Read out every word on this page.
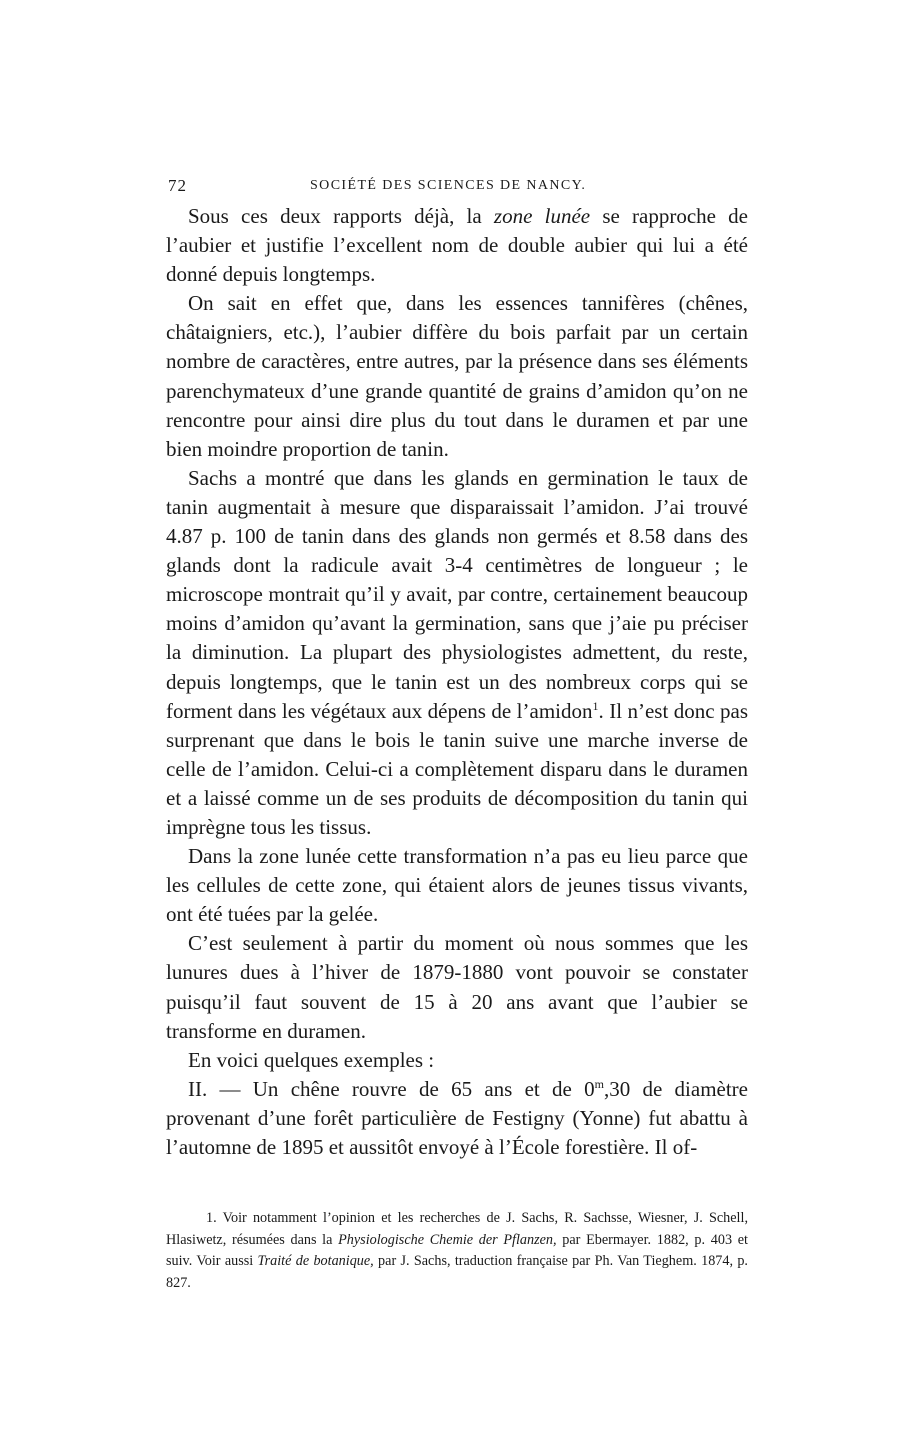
72	SOCIÉTÉ DES SCIENCES DE NANCY.

Sous ces deux rapports déjà, la zone lunée se rapproche de l’aubier et justifie l’excellent nom de double aubier qui lui a été donné depuis longtemps.

On sait en effet que, dans les essences tannifères (chênes, châtaigniers, etc.), l’aubier diffère du bois parfait par un certain nombre de caractères, entre autres, par la présence dans ses éléments parenchymateux d’une grande quantité de grains d’amidon qu’on ne rencontre pour ainsi dire plus du tout dans le duramen et par une bien moindre proportion de tanin.

Sachs a montré que dans les glands en germination le taux de tanin augmentait à mesure que disparaissait l’amidon. J’ai trouvé 4.87 p. 100 de tanin dans des glands non germés et 8.58 dans des glands dont la radicule avait 3-4 centimètres de longueur ; le microscope montrait qu’il y avait, par contre, certainement beaucoup moins d’amidon qu’avant la germination, sans que j’aie pu préciser la diminution. La plupart des physiologistes admettent, du reste, depuis longtemps, que le tanin est un des nombreux corps qui se forment dans les végétaux aux dépens de l’amidon$^1$. Il n’est donc pas surprenant que dans le bois le tanin suive une marche inverse de celle de l’amidon. Celui-ci a complètement disparu dans le duramen et a laissé comme un de ses produits de décomposition du tanin qui imprègne tous les tissus.

Dans la zone lunée cette transformation n’a pas eu lieu parce que les cellules de cette zone, qui étaient alors de jeunes tissus vivants, ont été tuées par la gelée.

C’est seulement à partir du moment où nous sommes que les lunures dues à l’hiver de 1879-1880 vont pouvoir se constater puisqu’il faut souvent de 15 à 20 ans avant que l’aubier se transforme en duramen.

En voici quelques exemples :

II. — Un chêne rouvre de 65 ans et de 0$^m$,30 de diamètre provenant d’une forêt particulière de Festigny (Yonne) fut abattu à l’automne de 1895 et aussitôt envoyé à l’École forestière. Il of-

1. Voir notamment l’opinion et les recherches de J. Sachs, R. Sachsse, Wiesner, J. Schell, Hlasiwetz, résumées dans la Physiologische Chemie der Pflanzen, par Ebermayer. 1882, p. 403 et suiv. Voir aussi Traité de botanique, par J. Sachs, traduction française par Ph. Van Tieghem. 1874, p. 827.
